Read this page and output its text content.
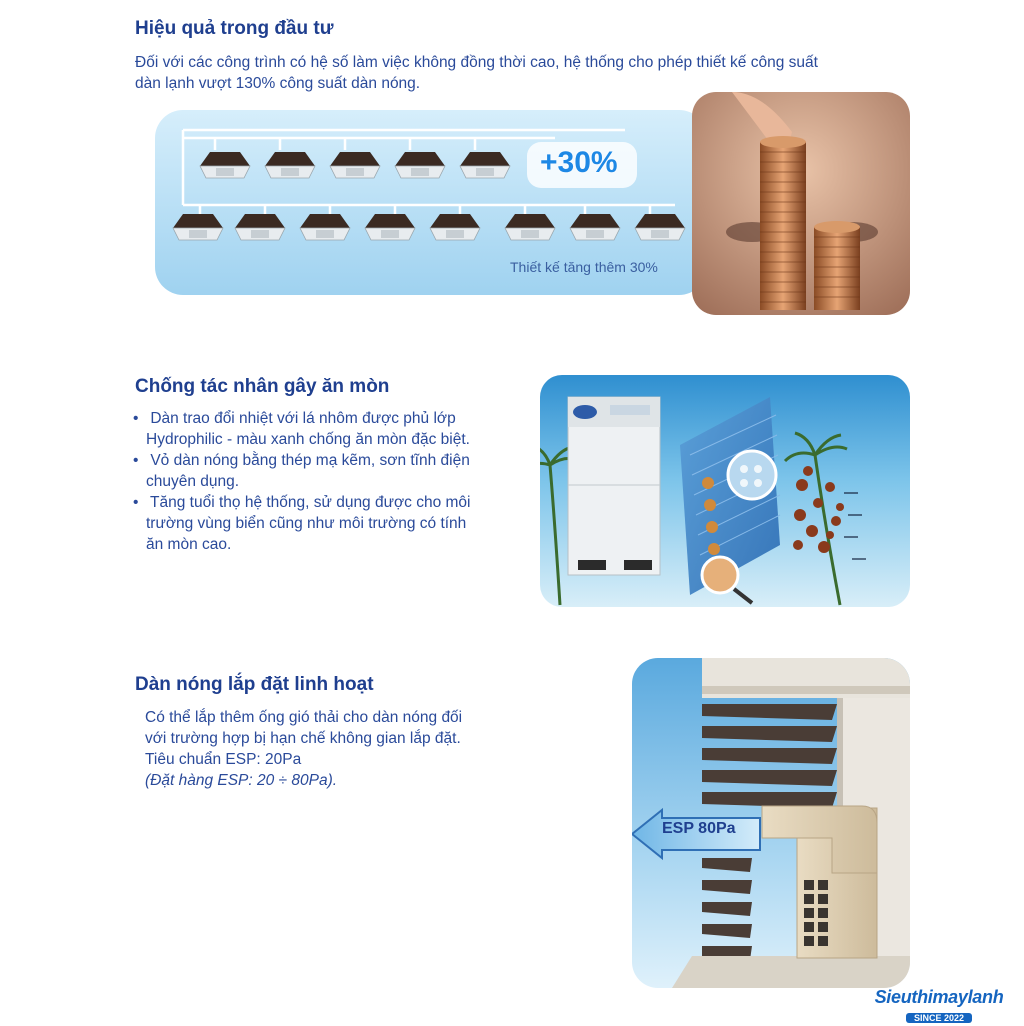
Hiệu quả trong đầu tư

Đối với các công trình có hệ số làm việc không đồng thời cao, hệ thống cho phép thiết kế công suất
dàn lạnh vượt 130% công suất dàn nóng.

+30%
Thiết kế tăng thêm 30%
Chống tác nhân gây ăn mòn
• Dàn trao đổi nhiệt với lá nhôm được phủ lớp
Hydrophilic - màu xanh chống ăn mòn đặc biệt.
• Vỏ dàn nóng bằng thép mạ kẽm, sơn tĩnh điện
chuyên dụng.
• Tăng tuổi thọ hệ thống, sử dụng được cho môi
trường vùng biển cũng như môi trường có tính
ăn mòn cao.
Dàn nóng lắp đặt linh hoạt

Có thể lắp thêm ống gió thải cho dàn nóng đối
với trường hợp bị hạn chế không gian lắp đặt.
Tiêu chuẩn ESP: 20Pa
(Đặt hàng ESP: 20 ÷ 80Pa).

ESP 80Pa
Sieuthimaylanh
SINCE 2022
